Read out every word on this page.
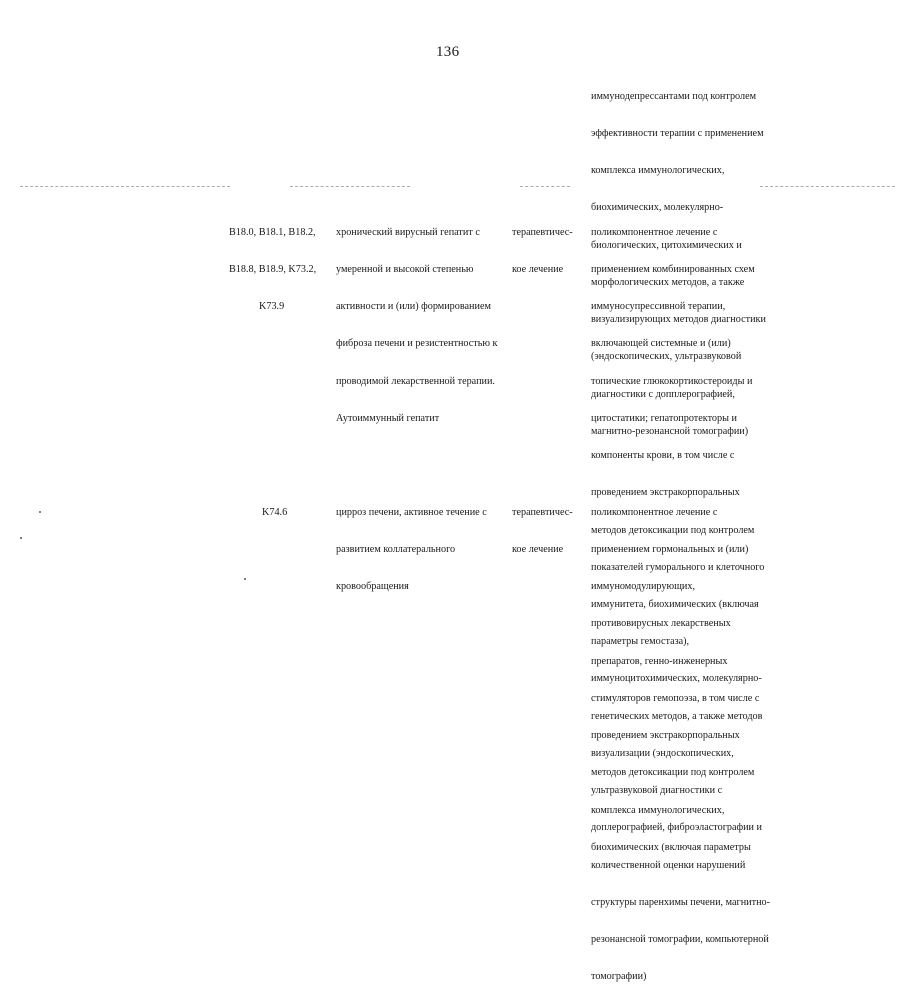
136

иммунодепрессантами под контролем

эффективности терапии с применением

комплекса иммунологических,

биохимических, молекулярно-

биологических, цитохимических и

морфологических методов, а также

визуализирующих методов диагностики

(эндоскопических, ультразвуковой

диагностики с допплерографией,

магнитно-резонансной томографии)

B18.0, B18.1, B18.2,

B18.8, B18.9, K73.2,

K73.9

хронический вирусный гепатит с

умеренной и высокой степенью

активности и (или) формированием

фиброза печени и резистентностью к

проводимой лекарственной терапии.

Аутоиммунный гепатит

терапевтичес-

кое лечение

поликомпонентное лечение с

применением комбинированных схем

иммуносупрессивной терапии,

включающей системные и (или)

топические глюкокортикостероиды и

цитостатики; гепатопротекторы и

компоненты крови, в том числе с

проведением экстракорпоральных

методов детоксикации под контролем

показателей гуморального и клеточного

иммунитета, биохимических (включая

параметры гемостаза),

иммуноцитохимических, молекулярно-

генетических методов, а также методов

визуализации (эндоскопических,

ультразвуковой диагностики с

доплерографией, фиброэластографии и

количественной оценки нарушений

структуры паренхимы печени, магнитно-

резонансной томографии, компьютерной

томографии)

K74.6

	цирроз печени, активное течение с

развитием коллатерального

кровообращения

терапевтичес-

кое лечение

поликомпонентное лечение с

применением гормональных и (или)

иммуномодулирующих,

противовирусных лекарственых

препаратов, генно-инженерных

стимуляторов гемопоэза, в том числе с

проведением экстракорпоральных

методов детоксикации под контролем

комплекса иммунологических,

биохимических (включая параметры
